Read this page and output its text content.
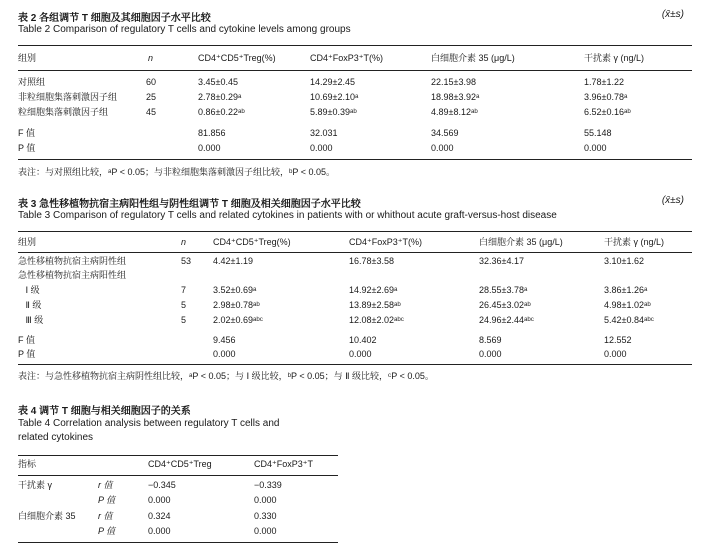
表 2 各组调节 T 细胞及其细胞因子水平比较	(x̄±s)
Table 2 Comparison of regulatory T cells and cytokine levels among groups
组别	n	CD4⁺CD5⁺Treg(%)	CD4⁺FoxP3⁺T(%)	白细胞介素 35 (μg/L)	干扰素 γ (ng/L)
对照组	60	3.45±0.45	14.29±2.45	22.15±3.98	1.78±1.22
非粒细胞集落刺激因子组	25	2.78±0.29ᵃ	10.69±2.10ᵃ	18.98±3.92ᵃ	3.96±0.78ᵃ
粒细胞集落刺激因子组	45	0.86±0.22ᵃᵇ	5.89±0.39ᵃᵇ	4.89±8.12ᵃᵇ	6.52±0.16ᵃᵇ
F 值	81.856	32.031	34.569	55.148
P 值	0.000	0.000	0.000	0.000
表注：与对照组比较，ᵃP < 0.05；与非粒细胞集落刺激因子组比较，ᵇP < 0.05。
表 3 急性移植物抗宿主病阳性组与阴性组调节 T 细胞及相关细胞因子水平比较	(x̄±s)
Table 3 Comparison of regulatory T cells and related cytokines in patients with or whithout acute graft-versus-host disease
组别	n	CD4⁺CD5⁺Treg(%)	CD4⁺FoxP3⁺T(%)	白细胞介素 35 (μg/L)	干扰素 γ (ng/L)
急性移植物抗宿主病阴性组	53 4.42±1.19	16.78±3.58	32.36±4.17	3.10±1.62
急性移植物抗宿主病阳性组
Ⅰ 级	7	3.52±0.69ᵃ	14.92±2.69ᵃ	28.55±3.78ᵃ	3.86±1.26ᵃ
Ⅱ 级	5	2.98±0.78ᵃᵇ	13.89±2.58ᵃᵇ	26.45±3.02ᵃᵇ	4.98±1.02ᵃᵇ
Ⅲ 级	5	2.02±0.69ᵃᵇᶜ	12.08±2.02ᵃᵇᶜ	24.96±2.44ᵃᵇᶜ	5.42±0.84ᵃᵇᶜ
F 值	9.456	10.402	8.569	12.552
P 值	0.000	0.000	0.000	0.000
表注：与急性移植物抗宿主病阴性组比较，ᵃP < 0.05；与 Ⅰ 级比较，ᵇP < 0.05；与 Ⅱ 级比较，ᶜP < 0.05。
表 4 调节 T 细胞与相关细胞因子的关系
Table 4 Correlation analysis between regulatory T cells and
related cytokines
指标	CD4⁺CD5⁺Treg	CD4⁺FoxP3⁺T
干扰素 γ	r 值	−0.345	−0.339
P 值	0.000	0.000
白细胞介素 35 r 值	0.324	0.330
P 值	0.000	0.000
